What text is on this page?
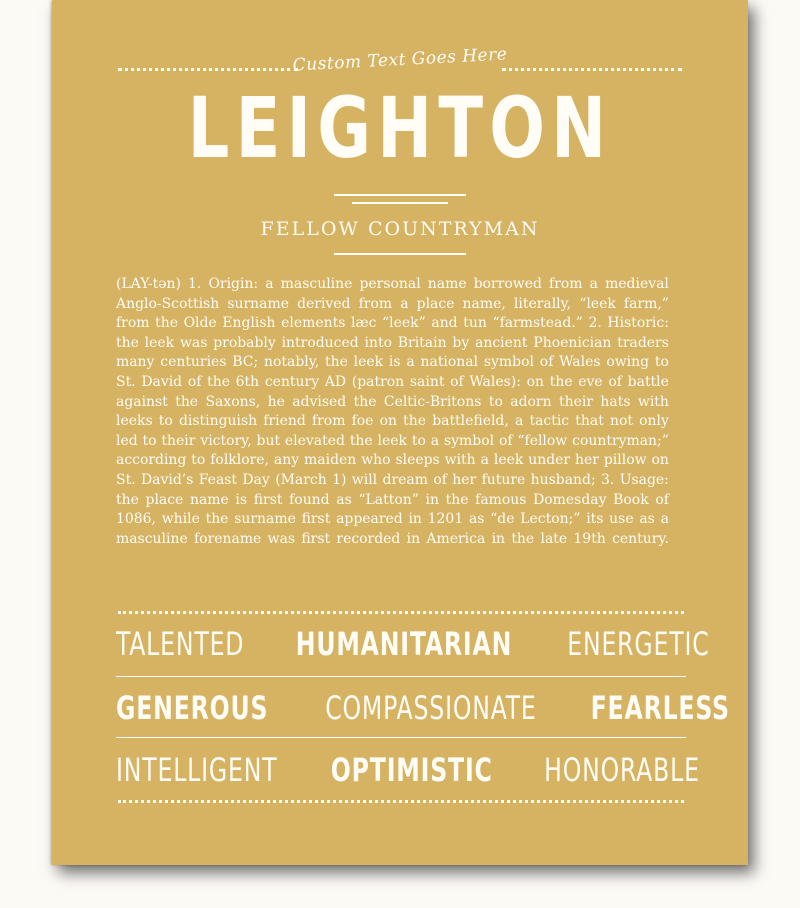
Custom Text Goes Here
LEIGHTON
FELLOW COUNTRYMAN
(LAY-tən) 1. Origin: a masculine personal name borrowed from a medieval
Anglo-Scottish surname derived from a place name, literally, “leek farm,”
from the Olde English elements læc “leek” and tun “farmstead.” 2. Historic:
the leek was probably introduced into Britain by ancient Phoenician traders
many centuries BC; notably, the leek is a national symbol of Wales owing to
St. David of the 6th century AD (patron saint of Wales): on the eve of battle
against the Saxons, he advised the Celtic-Britons to adorn their hats with
leeks to distinguish friend from foe on the battlefield, a tactic that not only
led to their victory, but elevated the leek to a symbol of “fellow countryman;”
according to folklore, any maiden who sleeps with a leek under her pillow on
St. David’s Feast Day (March 1) will dream of her future husband; 3. Usage:
the place name is first found as “Latton” in the famous Domesday Book of
1086, while the surname first appeared in 1201 as “de Lecton;” its use as a
masculine forename was first recorded in America in the late 19th century.
TALENTED HUMANITARIAN ENERGETIC
GENEROUS COMPASSIONATE FEARLESS
INTELLIGENT OPTIMISTIC HONORABLE
